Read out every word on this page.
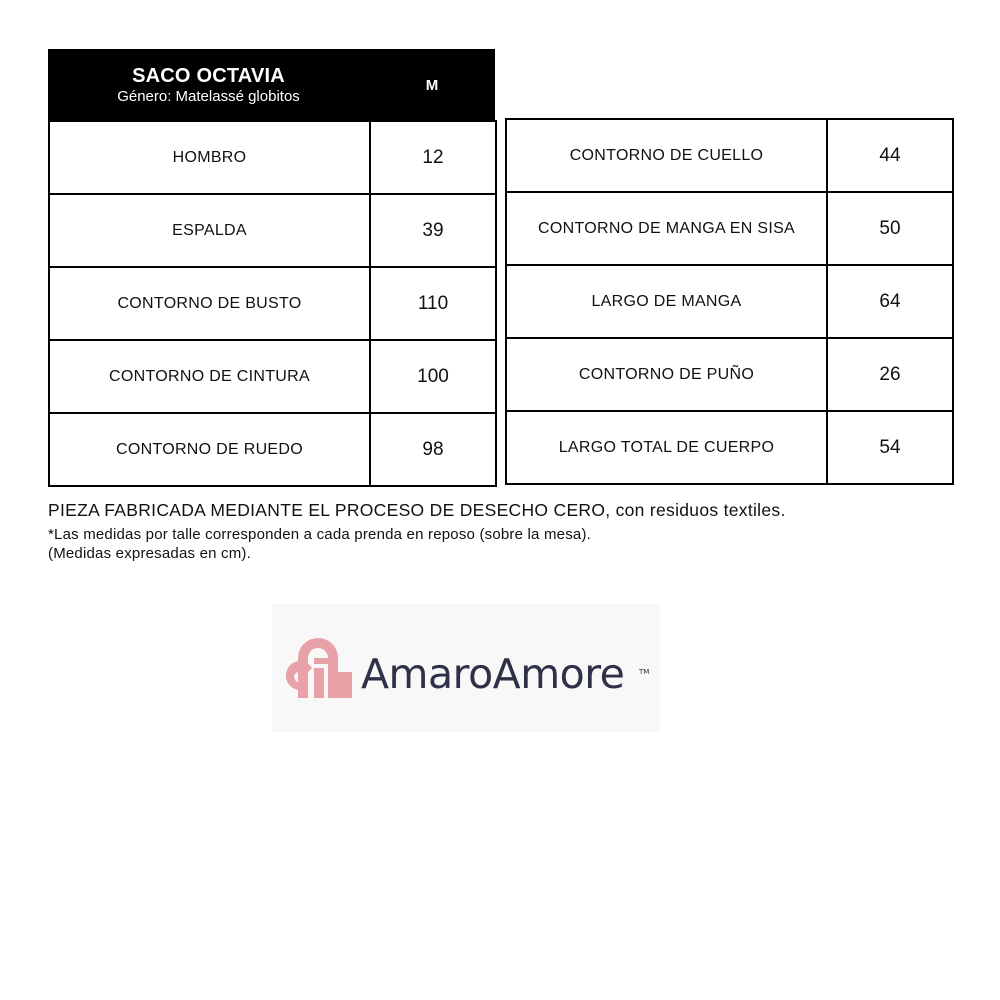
SACO OCTAVIA
Género: Matelassé globitos
M
HOMBRO	12
ESPALDA	39
CONTORNO DE BUSTO	110
CONTORNO DE CINTURA	100
CONTORNO DE RUEDO	98
CONTORNO DE CUELLO	44
CONTORNO DE MANGA EN SISA	50
LARGO DE MANGA	64
CONTORNO DE PUÑO	26
LARGO TOTAL DE CUERPO	54
PIEZA FABRICADA MEDIANTE EL PROCESO DE DESECHO CERO, con residuos textiles.
*Las medidas por talle corresponden a cada prenda en reposo (sobre la mesa).
(Medidas expresadas en cm).
AmaroAmore TM
